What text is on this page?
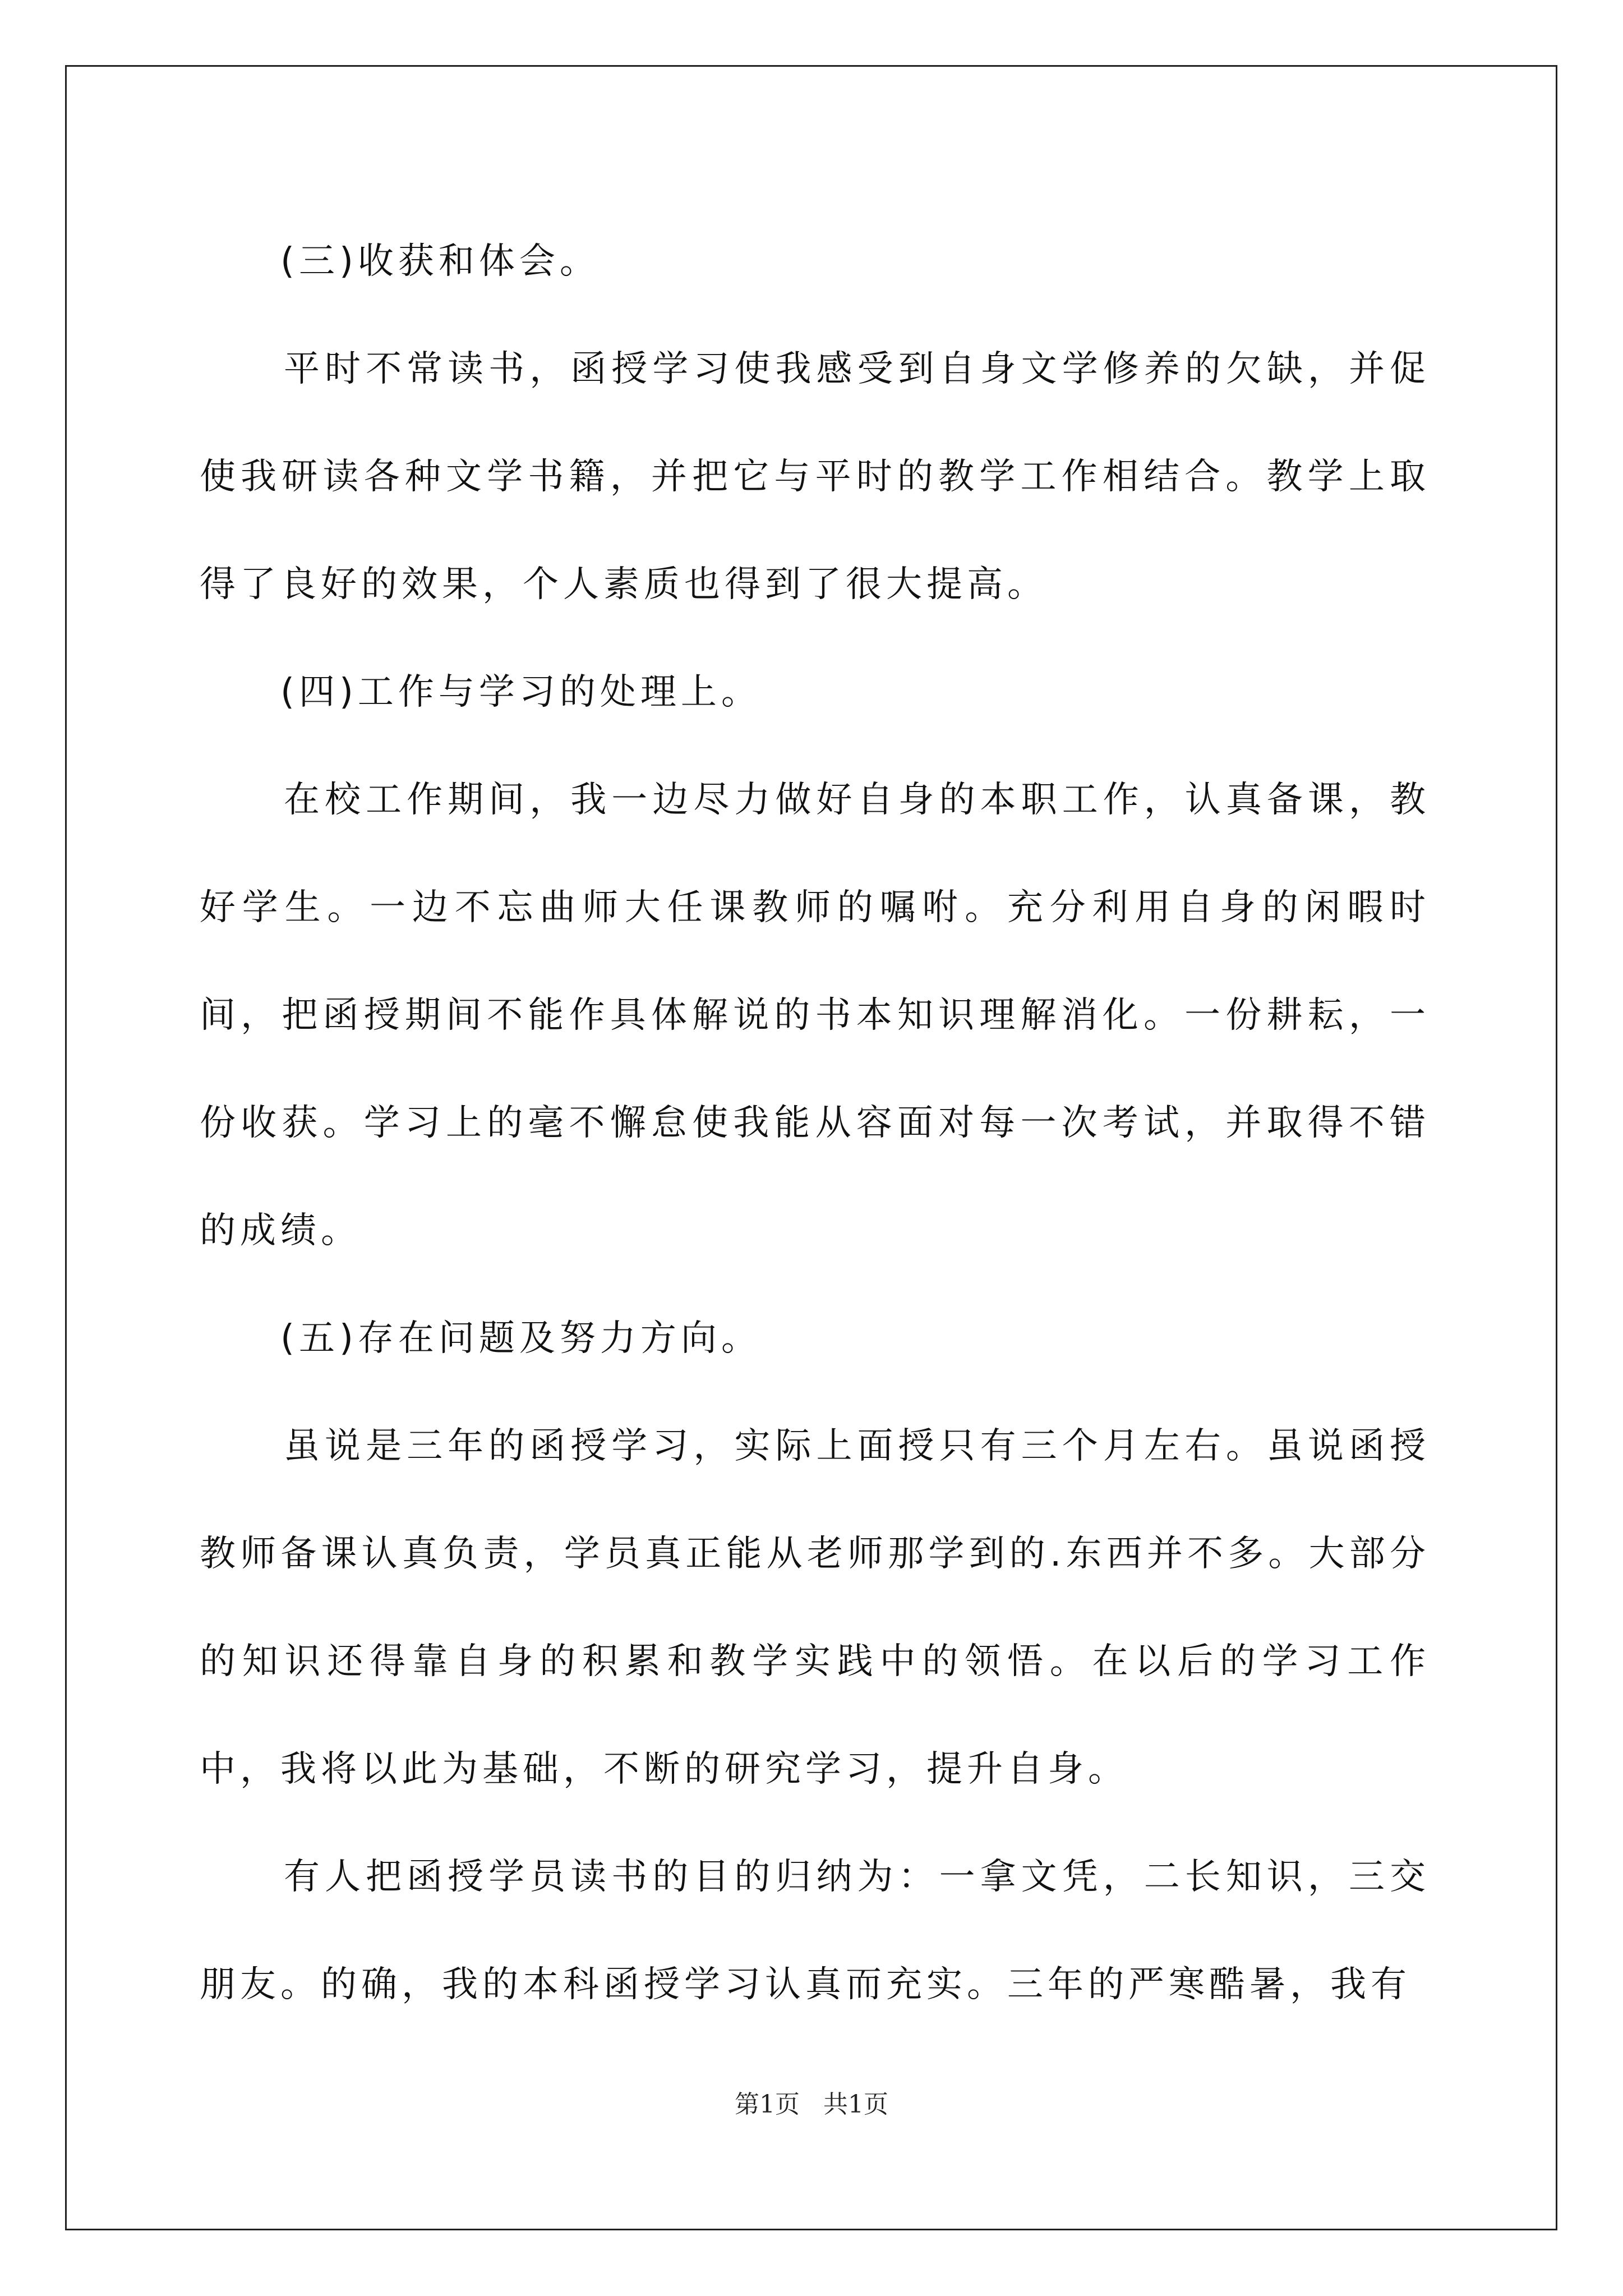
(三)收获和体会。

平时不常读书，函授学习使我感受到自身文学修养的欠缺，并促使我研读各种文学书籍，并把它与平时的教学工作相结合。教学上取得了良好的效果，个人素质也得到了很大提高。

(四)工作与学习的处理上。

在校工作期间，我一边尽力做好自身的本职工作，认真备课，教好学生。一边不忘曲师大任课教师的嘱咐。充分利用自身的闲暇时间，把函授期间不能作具体解说的书本知识理解消化。一份耕耘，一份收获。学习上的毫不懈怠使我能从容面对每一次考试，并取得不错的成绩。

(五)存在问题及努力方向。

虽说是三年的函授学习，实际上面授只有三个月左右。虽说函授教师备课认真负责，学员真正能从老师那学到的.东西并不多。大部分的知识还得靠自身的积累和教学实践中的领悟。在以后的学习工作中，我将以此为基础，不断的研究学习，提升自身。

有人把函授学员读书的目的归纳为：一拿文凭，二长知识，三交朋友。的确，我的本科函授学习认真而充实。三年的严寒酷暑，我有

第1页   共1页
